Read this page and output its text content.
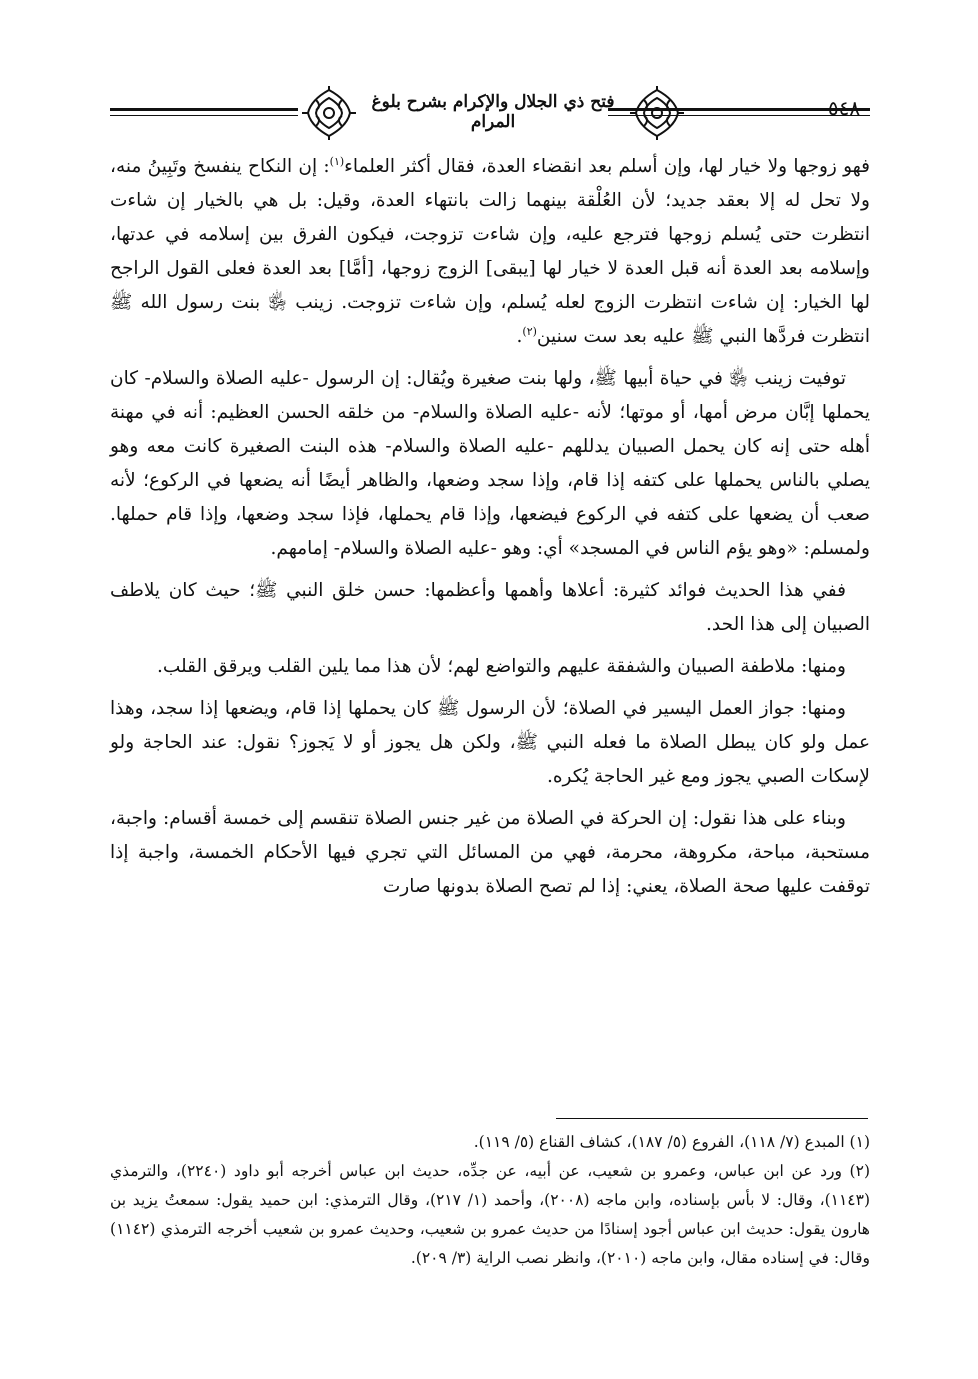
٥٤٨
فتح ذي الجلال والإكرام بشرح بلوغ المرام

فهو زوجها ولا خيار لها، وإن أسلم بعد انقضاء العدة، فقال أكثر العلماء$^{(١)}$: إن النكاح ينفسخ وتَبِينُ منه، ولا تحل له إلا بعقد جديد؛ لأن العُلْقة بينهما زالت بانتهاء العدة، وقيل: بل هي بالخيار إن شاءت انتظرت حتى يُسلم زوجها فترجع عليه، وإن شاءت تزوجت، فيكون الفرق بين إسلامه في عدتها، وإسلامه بعد العدة أنه قبل العدة لا خيار لها [يبقى] الزوج زوجها، [أمَّا] بعد العدة فعلى القول الراجح لها الخيار: إن شاءت انتظرت الزوج لعله يُسلم، وإن شاءت تزوجت. زينب ﵂ بنت رسول الله ﷺ انتظرت فردَّها النبي ﷺ عليه بعد ست سنين$^{(٢)}$.

توفيت زينب ﵂ في حياة أبيها ﷺ، ولها بنت صغيرة ويُقال: إن الرسول -عليه الصلاة والسلام- كان يحملها إبَّان مرض أمها، أو موتها؛ لأنه -عليه الصلاة والسلام- من خلقه الحسن العظيم: أنه في مهنة أهله حتى إنه كان يحمل الصبيان يدللهم -عليه الصلاة والسلام- هذه البنت الصغيرة كانت معه وهو يصلي بالناس يحملها على كتفه إذا قام، وإذا سجد وضعها، والظاهر أيضًا أنه يضعها في الركوع؛ لأنه صعب أن يضعها على كتفه في الركوع فيضعها، وإذا قام يحملها، فإذا سجد وضعها، وإذا قام حملها. ولمسلم: «وهو يؤم الناس في المسجد» أي: وهو -عليه الصلاة والسلام- إمامهم.

ففي هذا الحديث فوائد كثيرة: أعلاها وأهمها وأعظمها: حسن خلق النبي ﷺ؛ حيث كان يلاطف الصبيان إلى هذا الحد.

ومنها: ملاطفة الصبيان والشفقة عليهم والتواضع لهم؛ لأن هذا مما يلين القلب ويرقق القلب.

ومنها: جواز العمل اليسير في الصلاة؛ لأن الرسول ﷺ كان يحملها إذا قام، ويضعها إذا سجد، وهذا عمل ولو كان يبطل الصلاة ما فعله النبي ﷺ، ولكن هل يجوز أو لا يَجوز؟ نقول: عند الحاجة ولو لإسكات الصبي يجوز ومع غير الحاجة يُكره.

وبناء على هذا نقول: إن الحركة في الصلاة من غير جنس الصلاة تنقسم إلى خمسة أقسام: واجبة، مستحبة، مباحة، مكروهة، محرمة، فهي من المسائل التي تجري فيها الأحكام الخمسة، واجبة إذا توقفت عليها صحة الصلاة، يعني: إذا لم تصح الصلاة بدونها صارت

(١) المبدع (٧/ ١١٨)، الفروع (٥/ ١٨٧)، كشاف القناع (٥/ ١١٩).

(٢) ورد عن ابن عباس، وعمرو بن شعيب، عن أبيه، عن جدِّه، حديث ابن عباس أخرجه أبو داود (٢٢٤٠)، والترمذي (١١٤٣)، وقال: لا بأس بإسناده، وابن ماجه (٢٠٠٨)، وأحمد (١/ ٢١٧)، وقال الترمذي: ابن حميد يقول: سمعتُ يزيد بن هارون يقول: حديث ابن عباس أجود إسنادًا من حديث عمرو بن شعيب، وحديث عمرو بن شعيب أخرجه الترمذي (١١٤٢) وقال: في إسناده مقال، وابن ماجه (٢٠١٠)، وانظر نصب الراية (٣/ ٢٠٩).
